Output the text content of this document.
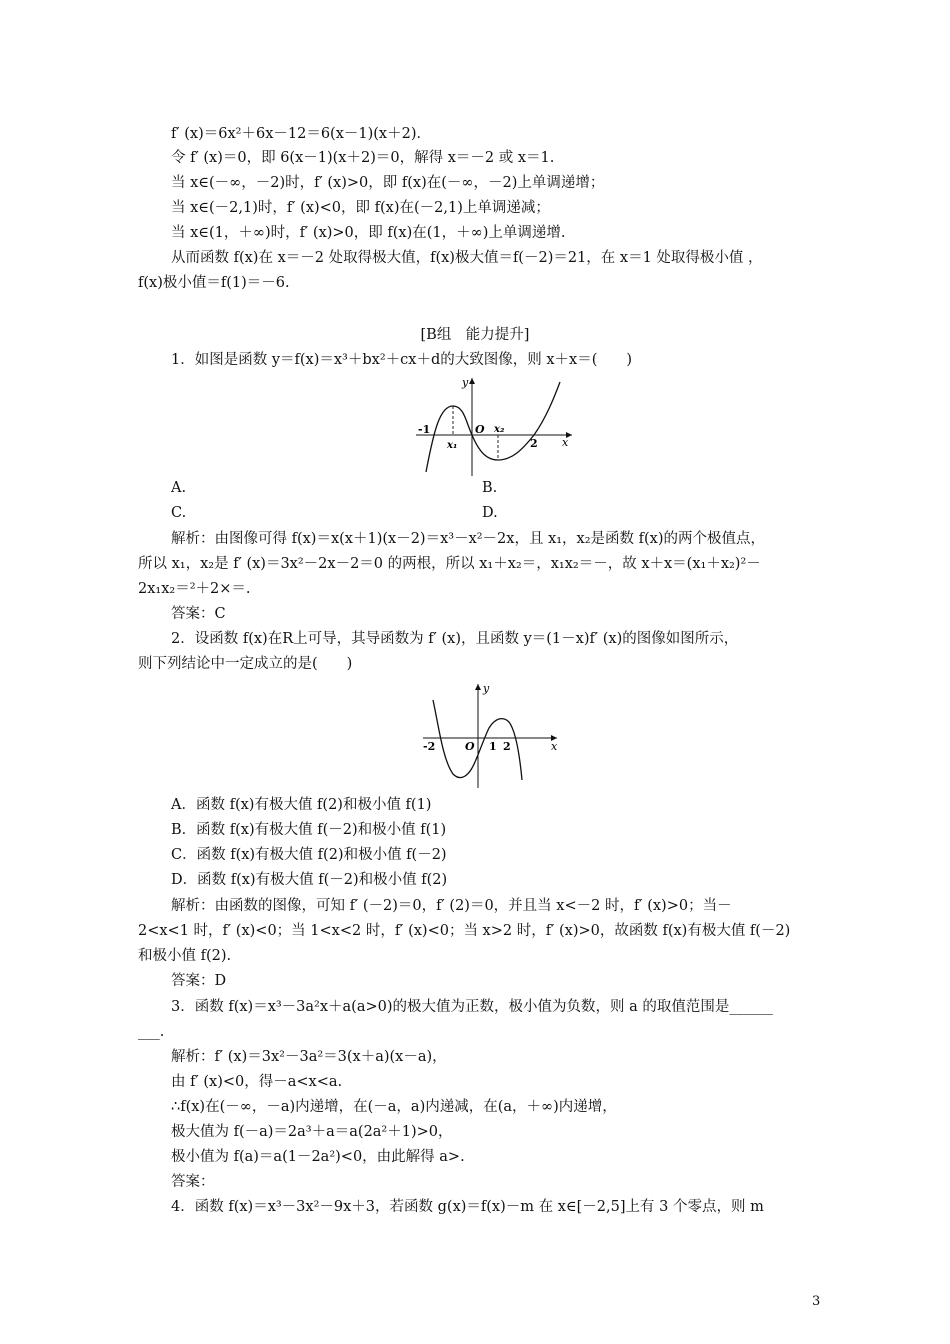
f′ (x)＝6x²＋6x－12＝6(x－1)(x＋2)．
令 f′ (x)＝0，即 6(x－1)(x＋2)＝0，解得 x＝－2 或 x＝1.
当 x∈(－∞，－2)时，f′ (x)>0，即 f(x)在(－∞，－2)上单调递增；
当 x∈(－2,1)时，f′ (x)<0，即 f(x)在(－2,1)上单调递减；
当 x∈(1，＋∞)时，f′ (x)>0，即 f(x)在(1，＋∞)上单调递增.
从而函数 f(x)在 x＝－2 处取得极大值，f(x)极大值＝f(－2)＝21，在 x＝1 处取得极小值 ，
f(x)极小值＝f(1)＝－6.
[B组　能力提升]
1．如图是函数 y＝f(x)＝x³＋bx²＋cx＋d的大致图像，则 x＋x＝(　　)
y
x
-1	O
x₁
x₂
2
A.	B.
C.	D.
解析：由图像可得 f(x)＝x(x＋1)(x－2)＝x³－x²－2x，且 x₁，x₂是函数 f(x)的两个极值点，
所以 x₁，x₂是 f′ (x)＝3x²－2x－2＝0 的两根，所以 x₁＋x₂＝，x₁x₂＝－，故 x＋x＝(x₁＋x₂)²－
2x₁x₂＝²＋2×＝.
答案：C
2．设函数 f(x)在R上可导，其导函数为 f′ (x)，且函数 y＝(1－x)f′ (x)的图像如图所示，
则下列结论中一定成立的是(　　)
y
x
-2	O 1 2
A．函数 f(x)有极大值 f(2)和极小值 f(1)
B．函数 f(x)有极大值 f(－2)和极小值 f(1)
C．函数 f(x)有极大值 f(2)和极小值 f(－2)
D．函数 f(x)有极大值 f(－2)和极小值 f(2)
解析：由函数的图像，可知 f′ (－2)＝0，f′ (2)＝0，并且当 x<－2 时，f′ (x)>0；当－
2<x<1 时，f′ (x)<0；当 1<x<2 时，f′ (x)<0；当 x>2 时，f′ (x)>0，故函数 f(x)有极大值 f(－2)
和极小值 f(2).
答案：D
3．函数 f(x)＝x³－3a²x＋a(a>0)的极大值为正数，极小值为负数，则 a 的取值范围是______
___.
解析：f′ (x)＝3x²－3a²＝3(x＋a)(x－a)，
由 f′ (x)<0，得－a<x<a.
∴f(x)在(－∞，－a)内递增，在(－a，a)内递减，在(a，＋∞)内递增，
极大值为 f(－a)＝2a³＋a＝a(2a²＋1)>0，
极小值为 f(a)＝a(1－2a²)<0，由此解得 a>.
答案：
4．函数 f(x)＝x³－3x²－9x＋3，若函数 g(x)＝f(x)－m 在 x∈[－2,5]上有 3 个零点，则 m
3
